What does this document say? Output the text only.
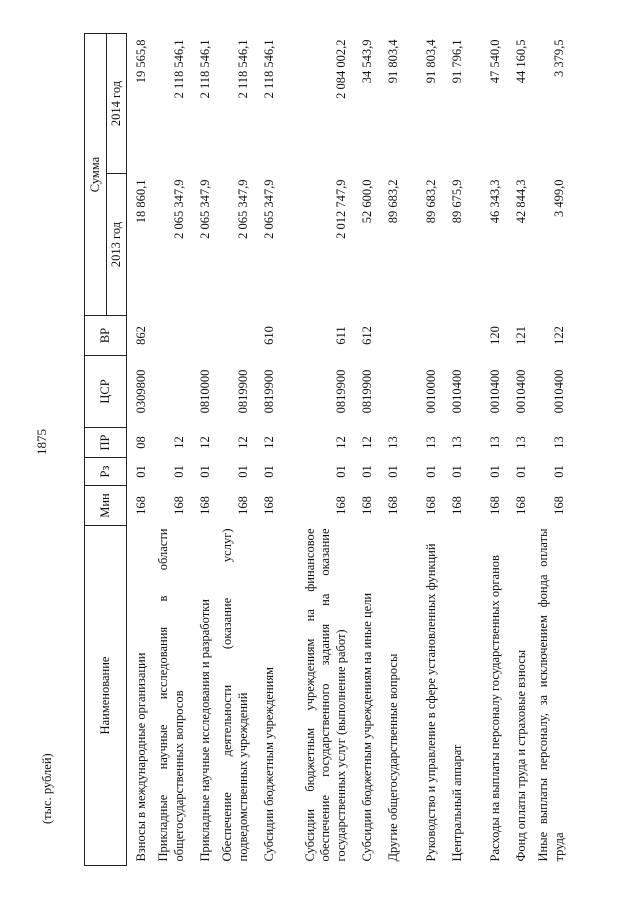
1875
(тыс. рублей)
Наименование	Мин	Рз	ПР	ЦСР	ВР	Сумма	
						2013 год	2014 год
Взносы в международные организации	168	01	08	0309800	862	18 860,1	19 565,8
Прикладные научные исследования в области общегосударственных вопросов	168	01	12			2 065 347,9	2 118 546,1
Прикладные научные исследования и разработки	168	01	12	0810000		2 065 347,9	2 118 546,1
Обеспечение деятельности (оказание услуг) подведомственных учреждений	168	01	12	0819900		2 065 347,9	2 118 546,1
Субсидии бюджетным учреждениям	168	01	12	0819900	610	2 065 347,9	2 118 546,1
Субсидии бюджетным учреждениям на финансовое обеспечение государственного задания на оказание государственных услуг (выполнение работ)	168	01	12	0819900	611	2 012 747,9	2 084 002,2
Субсидии бюджетным учреждениям на иные цели	168	01	12	0819900	612	52 600,0	34 543,9
Другие общегосударственные вопросы	168	01	13			89 683,2	91 803,4
Руководство и управление в сфере установленных функций	168	01	13	0010000		89 683,2	91 803,4
Центральный аппарат	168	01	13	0010400		89 675,9	91 796,1
Расходы на выплаты персоналу государственных органов	168	01	13	0010400	120	46 343,3	47 540,0
Фонд оплаты труда и страховые взносы	168	01	13	0010400	121	42 844,3	44 160,5
Иные выплаты персоналу, за исключением фонда оплаты труда	168	01	13	0010400	122	3 499,0	3 379,5
